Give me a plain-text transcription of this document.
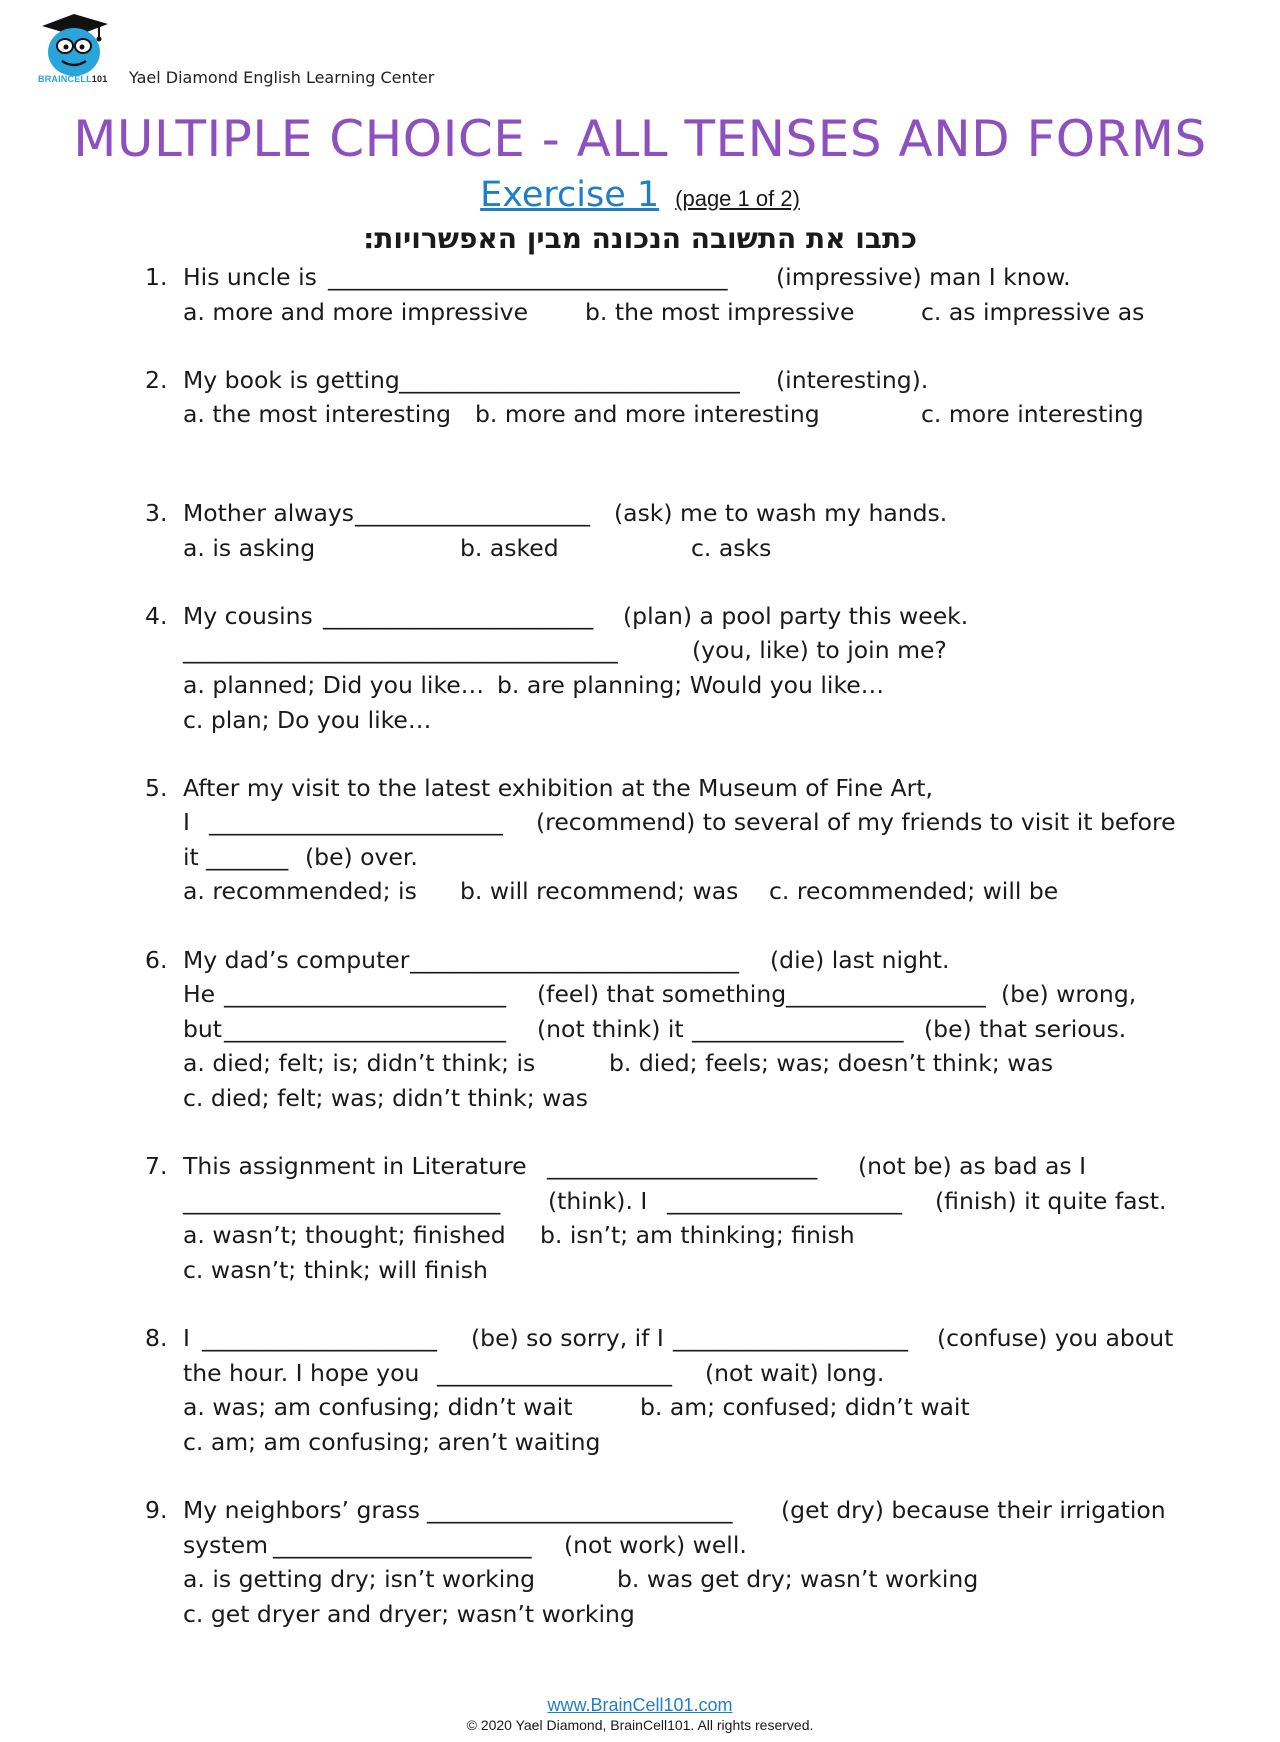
BRAINCELL101 Yael Diamond English Learning Center
MULTIPLE CHOICE - ALL TENSES AND FORMS
Exercise 1 (page 1 of 2)
כתבו את התשובה הנכונה מבין האפשרויות:
1. His uncle is __________________________________ (impressive) man I know.
a. more and more impressive b. the most impressive	c. as impressive as
2. My book is getting _____________________________ (interesting).
a. the most interesting b. more and more interesting	c. more interesting
3. Mother always ____________________ (ask) me to wash my hands.
a. is asking	b. asked	c. asks
4. My cousins _______________________ (plan) a pool party this week.
_____________________________________	(you, like) to join me?
a. planned; Did you like… b. are planning; Would you like…
c. plan; Do you like…
5. After my visit to the latest exhibition at the Museum of Fine Art,
I _________________________ (recommend) to several of my friends to visit it before
it _______ (be) over.
a. recommended; is b. will recommend; was c. recommended; will be
6. My dad’s computer ____________________________ (die) last night.
He ________________________ (feel) that something _________________ (be) wrong,
but ________________________ (not think) it __________________ (be) that serious.
a. died; felt; is; didn’t think; is	b. died; feels; was; doesn’t think; was
c. died; felt; was; didn’t think; was
7. This assignment in Literature _______________________ (not be) as bad as I
___________________________ (think). I ____________________ (finish) it quite fast.
a. wasn’t; thought; finished b. isn’t; am thinking; finish
c. wasn’t; think; will finish
8. I ____________________ (be) so sorry, if I ____________________ (confuse) you about
the hour. I hope you ____________________ (not wait) long.
a. was; am confusing; didn’t wait	b. am; confused; didn’t wait
c. am; am confusing; aren’t waiting
9. My neighbors’ grass __________________________ (get dry) because their irrigation
system ______________________ (not work) well.
a. is getting dry; isn’t working	b. was get dry; wasn’t working
c. get dryer and dryer; wasn’t working
www.BrainCell101.com
© 2020 Yael Diamond, BrainCell101. All rights reserved.
